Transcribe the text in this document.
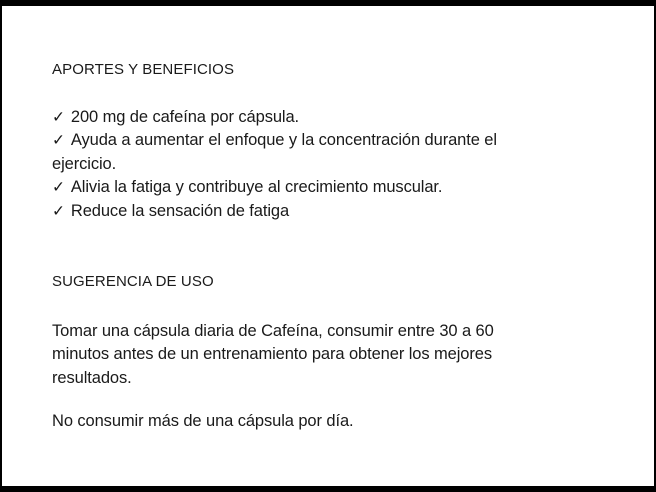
APORTES Y BENEFICIOS
✓ 200 mg de cafeína por cápsula.
✓ Ayuda a aumentar el enfoque y la concentración durante el
ejercicio.
✓ Alivia la fatiga y contribuye al crecimiento muscular.
✓ Reduce la sensación de fatiga
SUGERENCIA DE USO
Tomar una cápsula diaria de Cafeína, consumir entre 30 a 60
minutos antes de un entrenamiento para obtener los mejores
resultados.
No consumir más de una cápsula por día.
